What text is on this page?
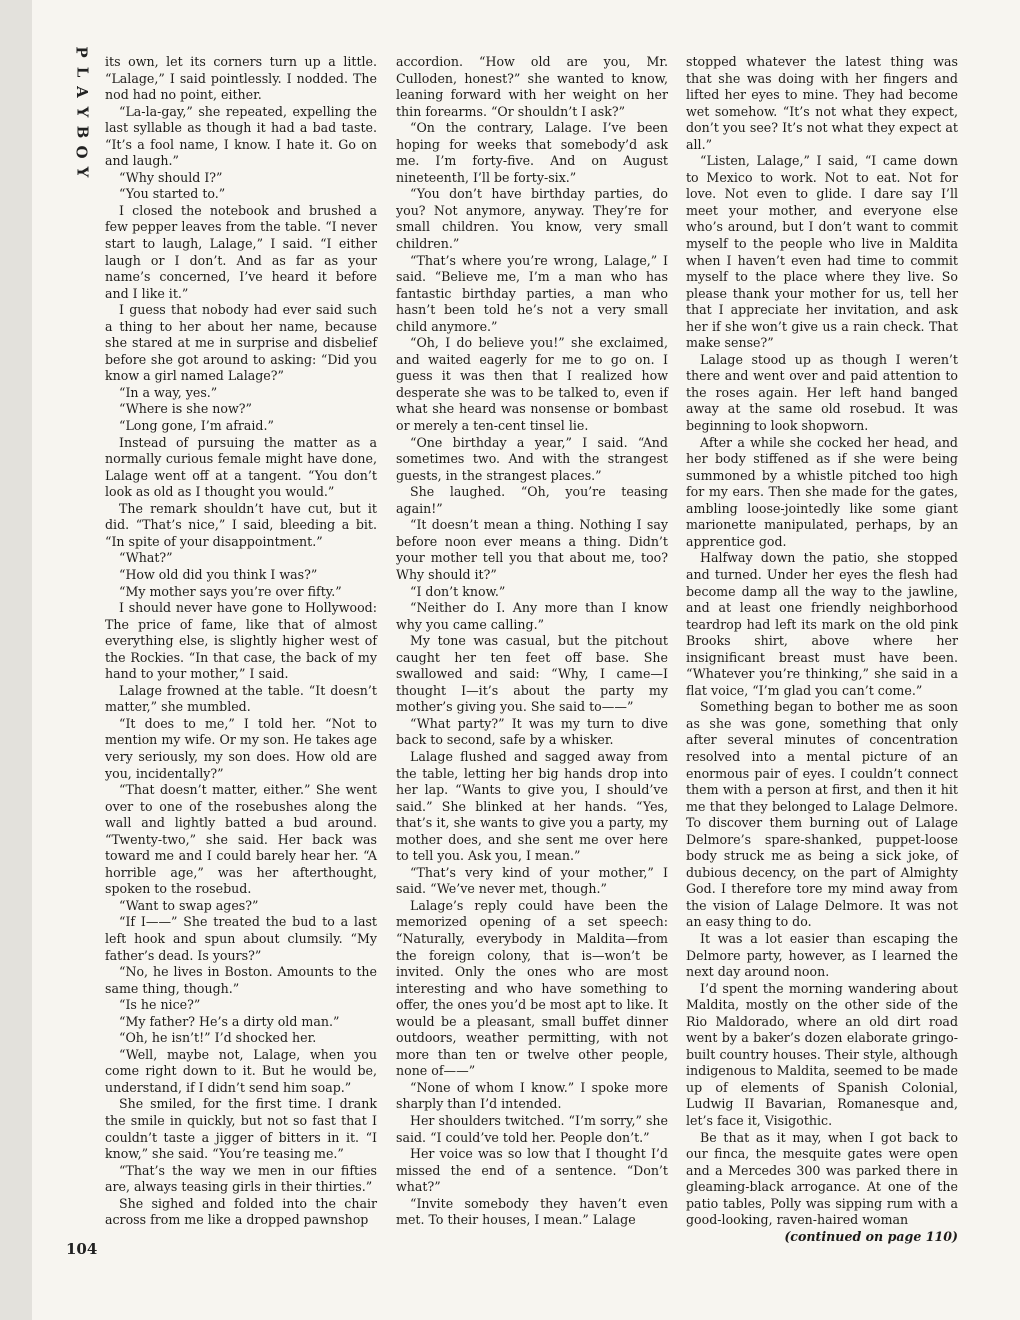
P
L
A
Y
B
O
Y

its own, let its corners turn up a little. “Lalage,” I said pointlessly. I nodded. The nod had no point, either.

“La-la-gay,” she repeated, expelling the last syllable as though it had a bad taste. “It’s a fool name, I know. I hate it. Go on and laugh.”

“Why should I?”

“You started to.”

I closed the notebook and brushed a few pepper leaves from the table. “I never start to laugh, Lalage,” I said. “I either laugh or I don’t. And as far as your name’s concerned, I’ve heard it before and I like it.”

I guess that nobody had ever said such a thing to her about her name, because she stared at me in surprise and disbelief before she got around to asking: “Did you know a girl named Lalage?”

“In a way, yes.”

“Where is she now?”

“Long gone, I’m afraid.”

Instead of pursuing the matter as a normally curious female might have done, Lalage went off at a tangent. “You don’t look as old as I thought you would.”

The remark shouldn’t have cut, but it did. “That’s nice,” I said, bleeding a bit. “In spite of your disappointment.”

“What?”

“How old did you think I was?”

“My mother says you’re over fifty.”

I should never have gone to Hollywood: The price of fame, like that of almost everything else, is slightly higher west of the Rockies. “In that case, the back of my hand to your mother,” I said.

Lalage frowned at the table. “It doesn’t matter,” she mumbled.

“It does to me,” I told her. “Not to mention my wife. Or my son. He takes age very seriously, my son does. How old are you, incidentally?”

“That doesn’t matter, either.” She went over to one of the rosebushes along the wall and lightly batted a bud around. “Twenty-two,” she said. Her back was toward me and I could barely hear her. “A horrible age,” was her afterthought, spoken to the rosebud.

“Want to swap ages?”

“If I——” She treated the bud to a last left hook and spun about clumsily. “My father’s dead. Is yours?”

“No, he lives in Boston. Amounts to the same thing, though.”

“Is he nice?”

“My father? He’s a dirty old man.”

“Oh, he isn’t!” I’d shocked her.

“Well, maybe not, Lalage, when you come right down to it. But he would be, understand, if I didn’t send him soap.”

She smiled, for the first time. I drank the smile in quickly, but not so fast that I couldn’t taste a jigger of bitters in it. “I know,” she said. “You’re teasing me.”

“That’s the way we men in our fifties are, always teasing girls in their thirties.”

She sighed and folded into the chair across from me like a dropped pawnshop

accordion. “How old are you, Mr. Culloden, honest?” she wanted to know, leaning forward with her weight on her thin forearms. “Or shouldn’t I ask?”

“On the contrary, Lalage. I’ve been hoping for weeks that somebody’d ask me. I’m forty-five. And on August nineteenth, I’ll be forty-six.”

“You don’t have birthday parties, do you? Not anymore, anyway. They’re for small children. You know, very small children.”

“That’s where you’re wrong, Lalage,” I said. “Believe me, I’m a man who has fantastic birthday parties, a man who hasn’t been told he’s not a very small child anymore.”

“Oh, I do believe you!” she exclaimed, and waited eagerly for me to go on. I guess it was then that I realized how desperate she was to be talked to, even if what she heard was nonsense or bombast or merely a ten-cent tinsel lie.

“One birthday a year,” I said. “And sometimes two. And with the strangest guests, in the strangest places.”

She laughed. “Oh, you’re teasing again!”

“It doesn’t mean a thing. Nothing I say before noon ever means a thing. Didn’t your mother tell you that about me, too? Why should it?”

“I don’t know.”

“Neither do I. Any more than I know why you came calling.”

My tone was casual, but the pitchout caught her ten feet off base. She swallowed and said: “Why, I came—I thought I—it’s about the party my mother’s giving you. She said to——”

“What party?” It was my turn to dive back to second, safe by a whisker.

Lalage flushed and sagged away from the table, letting her big hands drop into her lap. “Wants to give you, I should’ve said.” She blinked at her hands. “Yes, that’s it, she wants to give you a party, my mother does, and she sent me over here to tell you. Ask you, I mean.”

“That’s very kind of your mother,” I said. “We’ve never met, though.”

Lalage’s reply could have been the memorized opening of a set speech: “Naturally, everybody in Maldita—from the foreign colony, that is—won’t be invited. Only the ones who are most interesting and who have something to offer, the ones you’d be most apt to like. It would be a pleasant, small buffet dinner outdoors, weather permitting, with not more than ten or twelve other people, none of——”

“None of whom I know.” I spoke more sharply than I’d intended.

Her shoulders twitched. “I’m sorry,” she said. “I could’ve told her. People don’t.”

Her voice was so low that I thought I’d missed the end of a sentence. “Don’t what?”

“Invite somebody they haven’t even met. To their houses, I mean.” Lalage

stopped whatever the latest thing was that she was doing with her fingers and lifted her eyes to mine. They had become wet somehow. “It’s not what they expect, don’t you see? It’s not what they expect at all.”

“Listen, Lalage,” I said, “I came down to Mexico to work. Not to eat. Not for love. Not even to glide. I dare say I’ll meet your mother, and everyone else who’s around, but I don’t want to commit myself to the people who live in Maldita when I haven’t even had time to commit myself to the place where they live. So please thank your mother for us, tell her that I appreciate her invitation, and ask her if she won’t give us a rain check. That make sense?”

Lalage stood up as though I weren’t there and went over and paid attention to the roses again. Her left hand banged away at the same old rosebud. It was beginning to look shopworn.

After a while she cocked her head, and her body stiffened as if she were being summoned by a whistle pitched too high for my ears. Then she made for the gates, ambling loose-jointedly like some giant marionette manipulated, perhaps, by an apprentice god.

Halfway down the patio, she stopped and turned. Under her eyes the flesh had become damp all the way to the jawline, and at least one friendly neighborhood teardrop had left its mark on the old pink Brooks shirt, above where her insignificant breast must have been. “Whatever you’re thinking,” she said in a flat voice, “I’m glad you can’t come.”

Something began to bother me as soon as she was gone, something that only after several minutes of concentration resolved into a mental picture of an enormous pair of eyes. I couldn’t connect them with a person at first, and then it hit me that they belonged to Lalage Delmore. To discover them burning out of Lalage Delmore’s spare-shanked, puppet-loose body struck me as being a sick joke, of dubious decency, on the part of Almighty God. I therefore tore my mind away from the vision of Lalage Delmore. It was not an easy thing to do.

It was a lot easier than escaping the Delmore party, however, as I learned the next day around noon.

I’d spent the morning wandering about Maldita, mostly on the other side of the Rio Maldorado, where an old dirt road went by a baker’s dozen elaborate gringo-built country houses. Their style, although indigenous to Maldita, seemed to be made up of elements of Spanish Colonial, Ludwig II Bavarian, Romanesque and, let’s face it, Visigothic.

Be that as it may, when I got back to our finca, the mesquite gates were open and a Mercedes 300 was parked there in gleaming-black arrogance. At one of the patio tables, Polly was sipping rum with a good-looking, raven-haired woman

(continued on page 110)

104
